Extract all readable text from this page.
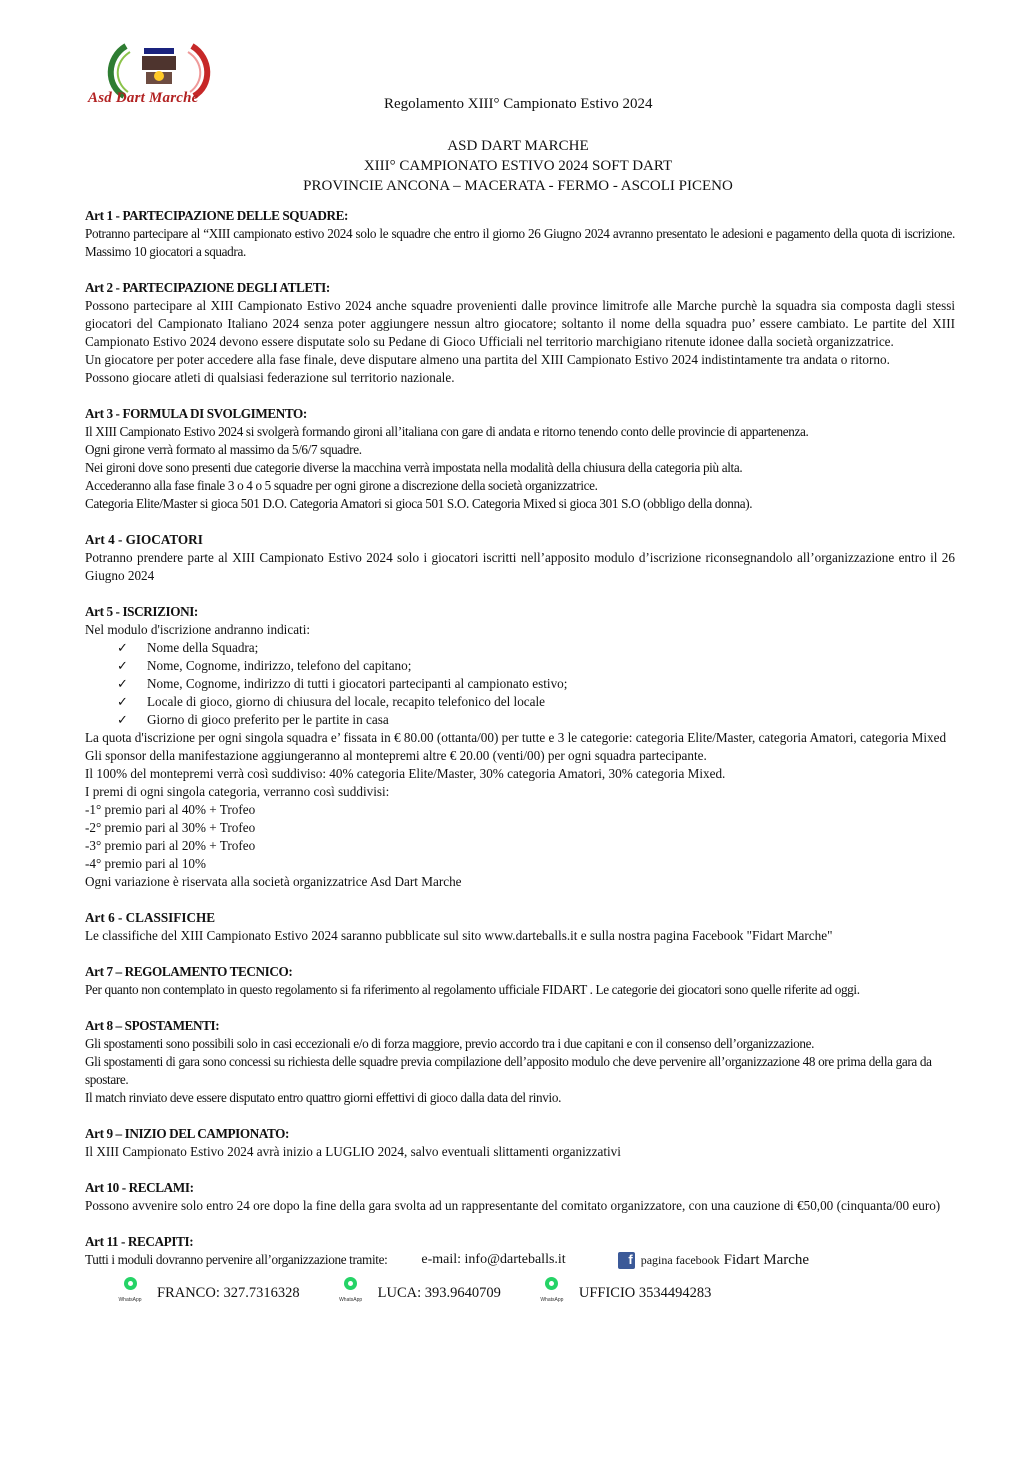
Asd Dart Marche	Regolamento XIII° Campionato Estivo 2024
ASD DART MARCHE
XIII° CAMPIONATO ESTIVO 2024 SOFT DART
PROVINCIE ANCONA – MACERATA - FERMO - ASCOLI PICENO
Art 1 - PARTECIPAZIONE DELLE SQUADRE:

Potranno partecipare al “XIII campionato estivo 2024 solo le squadre che entro il giorno 26 Giugno 2024 avranno presentato le adesioni e pagamento della quota di iscrizione. Massimo 10 giocatori a squadra.

Art 2 - PARTECIPAZIONE DEGLI ATLETI:

Possono partecipare al XIII Campionato Estivo 2024 anche squadre provenienti dalle province limitrofe alle Marche purchè la squadra sia composta dagli stessi giocatori del Campionato Italiano 2024 senza poter aggiungere nessun altro giocatore; soltanto il nome della squadra puo’ essere cambiato. Le partite del XIII Campionato Estivo 2024 devono essere disputate solo su Pedane di Gioco Ufficiali nel territorio marchigiano ritenute idonee dalla società organizzatrice.

Un giocatore per poter accedere alla fase finale, deve disputare almeno una partita del XIII Campionato Estivo 2024 indistintamente tra andata o ritorno.

Possono giocare atleti di qualsiasi federazione sul territorio nazionale.

Art 3 - FORMULA DI SVOLGIMENTO:
Il XIII Campionato Estivo 2024 si svolgerà formando gironi all’italiana con gare di andata e ritorno tenendo conto delle provincie di appartenenza.
Ogni girone verrà formato al massimo da 5/6/7 squadre.
Nei gironi dove sono presenti due categorie diverse la macchina verrà impostata nella modalità della chiusura della categoria più alta.
Accederanno alla fase finale 3 o 4 o 5 squadre per ogni girone a discrezione della società organizzatrice.
Categoria Elite/Master si gioca 501 D.O. Categoria Amatori si gioca 501 S.O. Categoria Mixed si gioca 301 S.O (obbligo della donna).
Art 4 - GIOCATORI

Potranno prendere parte al XIII Campionato Estivo 2024 solo i giocatori iscritti nell’apposito modulo d’iscrizione riconsegnandolo all’organizzazione entro il 26 Giugno 2024

Art 5 - ISCRIZIONI:
Nel modulo d'iscrizione andranno indicati:
✓	Nome della Squadra;
✓	Nome, Cognome, indirizzo, telefono del capitano;
✓	Nome, Cognome, indirizzo di tutti i giocatori partecipanti al campionato estivo;
✓	Locale di gioco, giorno di chiusura del locale, recapito telefonico del locale
✓	Giorno di gioco preferito per le partite in casa
La quota d'iscrizione per ogni singola squadra e’ fissata in € 80.00 (ottanta/00) per tutte e 3 le categorie: categoria Elite/Master, categoria Amatori, categoria Mixed
Gli sponsor della manifestazione aggiungeranno al montepremi altre € 20.00 (venti/00) per ogni squadra partecipante.
Il 100% del montepremi verrà così suddiviso: 40% categoria Elite/Master, 30% categoria Amatori, 30% categoria Mixed.
I premi di ogni singola categoria, verranno così suddivisi:
-1° premio pari al 40% + Trofeo
-2° premio pari al 30% + Trofeo
-3° premio pari al 20% + Trofeo
-4° premio pari al 10%
Ogni variazione è riservata alla società organizzatrice Asd Dart Marche
Art 6 - CLASSIFICHE

Le classifiche del XIII Campionato Estivo 2024 saranno pubblicate sul sito www.darteballs.it e sulla nostra pagina Facebook "Fidart Marche"

Art 7 – REGOLAMENTO TECNICO:
Per quanto non contemplato in questo regolamento si fa riferimento al regolamento ufficiale FIDART . Le categorie dei giocatori sono quelle riferite ad oggi.
Art 8 – SPOSTAMENTI:
Gli spostamenti sono possibili solo in casi eccezionali e/o di forza maggiore, previo accordo tra i due capitani e con il consenso dell’organizzazione.
Gli spostamenti di gara sono concessi su richiesta delle squadre previa compilazione dell’apposito modulo che deve pervenire all’organizzazione 48 ore prima della gara da spostare.
Il match rinviato deve essere disputato entro quattro giorni effettivi di gioco dalla data del rinvio.
Art 9 – INIZIO DEL CAMPIONATO:
Il XIII Campionato Estivo 2024 avrà inizio a LUGLIO 2024, salvo eventuali slittamenti organizzativi
Art 10 - RECLAMI:

Possono avvenire solo entro 24 ore dopo la fine della gara svolta ad un rappresentante del comitato organizzatore, con una cauzione di €50,00 (cinquanta/00 euro)

Art 11 - RECAPITI:
Tutti i moduli dovranno pervenire all’organizzazione tramite: e-mail: info@darteballs.it	f pagina facebook Fidart Marche
WhatsApp FRANCO: 327.7316328	WhatsApp LUCA: 393.9640709	WhatsApp UFFICIO 3534494283
